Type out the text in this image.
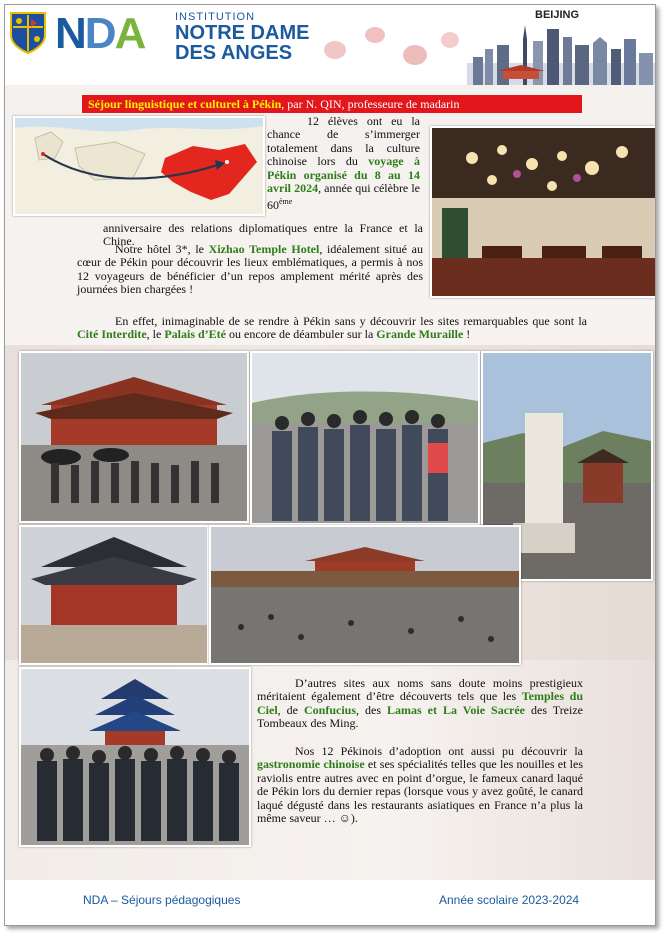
NDA	INSTITUTION
NOTRE DAME
DES ANGES
BEIJING
Séjour linguistique et culturel à Pékin, par N. QIN, professeure de madarin
12 élèves ont eu la chance de s’immerger totalement dans la culture chinoise lors du voyage à Pékin organisé du 8 au 14 avril 2024, année qui célèbre le 60ème
anniversaire des relations diplomatiques entre la France et la Chine.
Notre hôtel 3*, le Xizhao Temple Hotel, idéalement situé au cœur de Pékin pour découvrir les lieux emblématiques, a permis à nos 12 voyageurs de bénéficier d’un repos amplement mérité après des journées bien chargées !
En effet, inimaginable de se rendre à Pékin sans y découvrir les sites remarquables que sont la Cité Interdite, le Palais d’Eté ou encore de déambuler sur la Grande Muraille !
D’autres sites aux noms sans doute moins prestigieux méritaient également d’être découverts tels que les Temples du Ciel, de Confucius, des Lamas et La Voie Sacrée des Treize Tombeaux des Ming.
Nos 12 Pékinois d’adoption ont aussi pu découvrir la gastronomie chinoise et ses spécialités telles que les nouilles et les raviolis entre autres avec en point d’orgue, le fameux canard laqué de Pékin lors du dernier repas (lorsque vous y avez goûté, le canard laqué dégusté dans les restaurants asiatiques en France n’a plus la même saveur … ☺).
NDA – Séjours pédagogiques	Année scolaire 2023-2024
